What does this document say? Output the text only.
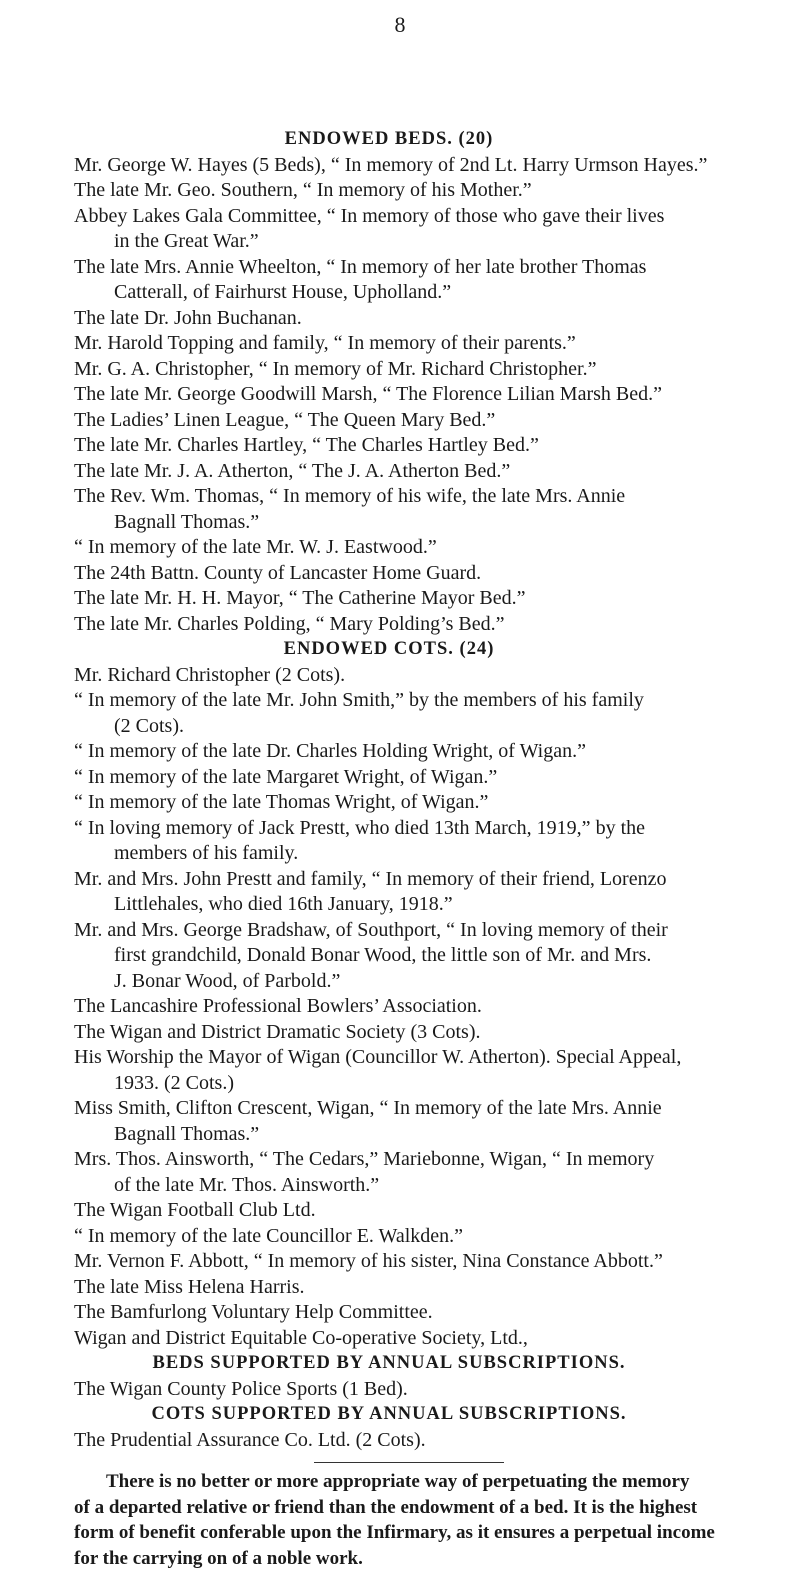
8
ENDOWED BEDS. (20)
Mr. George W. Hayes (5 Beds), “ In memory of 2nd Lt. Harry Urmson Hayes.”
The late Mr. Geo. Southern, “ In memory of his Mother.”
Abbey Lakes Gala Committee, “ In memory of those who gave their lives
in the Great War.”
The late Mrs. Annie Wheelton, “ In memory of her late brother Thomas
Catterall, of Fairhurst House, Upholland.”
The late Dr. John Buchanan.
Mr. Harold Topping and family, “ In memory of their parents.”
Mr. G. A. Christopher, “ In memory of Mr. Richard Christopher.”
The late Mr. George Goodwill Marsh, “ The Florence Lilian Marsh Bed.”
The Ladies’ Linen League, “ The Queen Mary Bed.”
The late Mr. Charles Hartley, “ The Charles Hartley Bed.”
The late Mr. J. A. Atherton, “ The J. A. Atherton Bed.”
The Rev. Wm. Thomas, “ In memory of his wife, the late Mrs. Annie
Bagnall Thomas.”
“ In memory of the late Mr. W. J. Eastwood.”
The 24th Battn. County of Lancaster Home Guard.
The late Mr. H. H. Mayor, “ The Catherine Mayor Bed.”
The late Mr. Charles Polding, “ Mary Polding’s Bed.”
ENDOWED COTS. (24)
Mr. Richard Christopher (2 Cots).
“ In memory of the late Mr. John Smith,” by the members of his family
(2 Cots).
“ In memory of the late Dr. Charles Holding Wright, of Wigan.”
“ In memory of the late Margaret Wright, of Wigan.”
“ In memory of the late Thomas Wright, of Wigan.”
“ In loving memory of Jack Prestt, who died 13th March, 1919,” by the
members of his family.
Mr. and Mrs. John Prestt and family, “ In memory of their friend, Lorenzo
Littlehales, who died 16th January, 1918.”
Mr. and Mrs. George Bradshaw, of Southport, “ In loving memory of their
first grandchild, Donald Bonar Wood, the little son of Mr. and Mrs.
J. Bonar Wood, of Parbold.”
The Lancashire Professional Bowlers’ Association.
The Wigan and District Dramatic Society (3 Cots).
His Worship the Mayor of Wigan (Councillor W. Atherton). Special Appeal,
1933. (2 Cots.)
Miss Smith, Clifton Crescent, Wigan, “ In memory of the late Mrs. Annie
Bagnall Thomas.”
Mrs. Thos. Ainsworth, “ The Cedars,” Mariebonne, Wigan, “ In memory
of the late Mr. Thos. Ainsworth.”
The Wigan Football Club Ltd.
“ In memory of the late Councillor E. Walkden.”
Mr. Vernon F. Abbott, “ In memory of his sister, Nina Constance Abbott.”
The late Miss Helena Harris.
The Bamfurlong Voluntary Help Committee.
Wigan and District Equitable Co-operative Society, Ltd.,
BEDS SUPPORTED BY ANNUAL SUBSCRIPTIONS.
The Wigan County Police Sports (1 Bed).
COTS SUPPORTED BY ANNUAL SUBSCRIPTIONS.
The Prudential Assurance Co. Ltd. (2 Cots).
There is no better or more appropriate way of perpetuating the memory
of a departed relative or friend than the endowment of a bed. It is the highest
form of benefit conferable upon the Infirmary, as it ensures a perpetual income
for the carrying on of a noble work.
